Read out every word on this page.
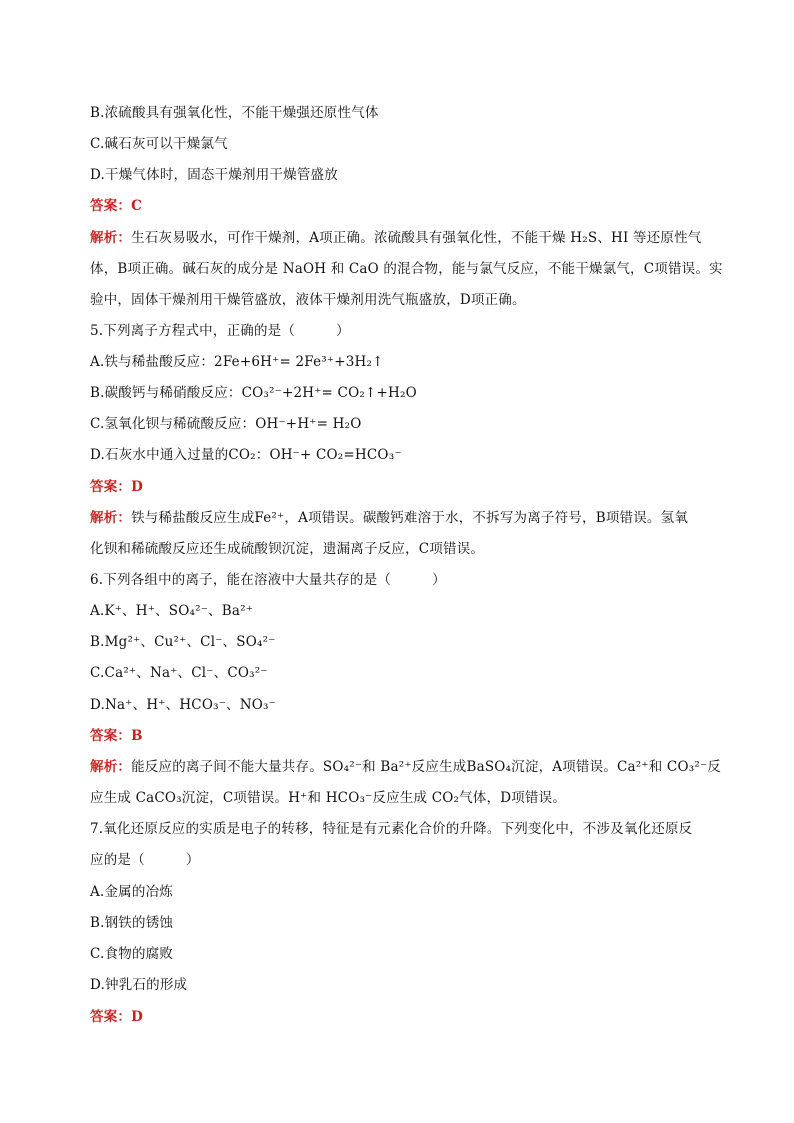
B.浓硫酸具有强氧化性，不能干燥强还原性气体
C.碱石灰可以干燥氯气
D.干燥气体时，固态干燥剂用干燥管盛放
答案：C
解析：生石灰易吸水，可作干燥剂，A项正确。浓硫酸具有强氧化性，不能干燥 H₂S、HI 等还原性气
体，B项正确。碱石灰的成分是 NaOH 和 CaO 的混合物，能与氯气反应，不能干燥氯气，C项错误。实
验中，固体干燥剂用干燥管盛放，液体干燥剂用洗气瓶盛放，D项正确。
5.下列离子方程式中，正确的是（　　　）
A.铁与稀盐酸反应：2Fe+6H⁺= 2Fe³⁺+3H₂↑
B.碳酸钙与稀硝酸反应：CO₃²⁻+2H⁺= CO₂↑+H₂O
C.氢氧化钡与稀硫酸反应：OH⁻+H⁺= H₂O
D.石灰水中通入过量的CO₂：OH⁻+ CO₂=HCO₃⁻
答案：D
解析：铁与稀盐酸反应生成Fe²⁺，A项错误。碳酸钙难溶于水，不拆写为离子符号，B项错误。氢氧
化钡和稀硫酸反应还生成硫酸钡沉淀，遗漏离子反应，C项错误。
6.下列各组中的离子，能在溶液中大量共存的是（　　　）
A.K⁺、H⁺、SO₄²⁻、Ba²⁺
B.Mg²⁺、Cu²⁺、Cl⁻、SO₄²⁻
C.Ca²⁺、Na⁺、Cl⁻、CO₃²⁻
D.Na⁺、H⁺、HCO₃⁻、NO₃⁻
答案：B
解析：能反应的离子间不能大量共存。SO₄²⁻和 Ba²⁺反应生成BaSO₄沉淀，A项错误。Ca²⁺和 CO₃²⁻反
应生成 CaCO₃沉淀，C项错误。H⁺和 HCO₃⁻反应生成 CO₂气体，D项错误。
7.氧化还原反应的实质是电子的转移，特征是有元素化合价的升降。下列变化中，不涉及氧化还原反
应的是（　　　）
A.金属的冶炼
B.钢铁的锈蚀
C.食物的腐败
D.钟乳石的形成
答案：D
